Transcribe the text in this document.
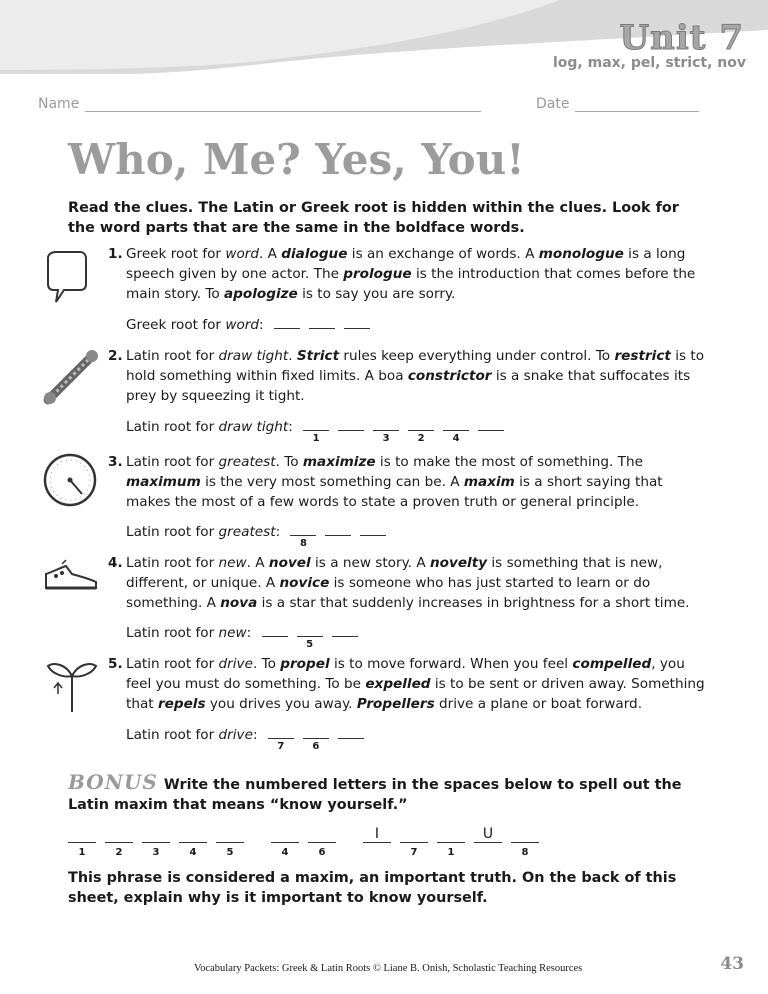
Unit 7
log, max, pel, strict, nov
Name	Date
Who, Me? Yes, You!

Read the clues. The Latin or Greek root is hidden within the clues. Look for the word parts that are the same in the boldface words.

1. Greek root for word. A dialogue is an exchange of words. A monologue is a long speech given by one actor. The prologue is the introduction that comes before the main story. To apologize is to say you are sorry.
Greek root for word:
2. Latin root for draw tight. Strict rules keep everything under control. To restrict is to hold something within fixed limits. A boa constrictor is a snake that suffocates its prey by squeezing it tight.
Latin root for draw tight:
1	3	2	4
3. Latin root for greatest. To maximize is to make the most of something. The maximum is the very most something can be. A maxim is a short saying that makes the most of a few words to state a proven truth or general principle.
Latin root for greatest:
8
4. Latin root for new. A novel is a new story. A novelty is something that is new, different, or unique. A novice is someone who has just started to learn or do something. A nova is a star that suddenly increases in brightness for a short time.
Latin root for new:
5
5. Latin root for drive. To propel is to move forward. When you feel compelled, you feel you must do something. To be expelled is to be sent or driven away. Something that repels you drives you away. Propellers drive a plane or boat forward.
Latin root for drive:
7	6
BONUS Write the numbered letters in the spaces below to spell out the Latin maxim that means “know yourself.”
1	2	3	4	5	4	6
I
7	1
U
8

This phrase is considered a maxim, an important truth. On the back of this sheet, explain why is it important to know yourself.

Vocabulary Packets: Greek & Latin Roots © Liane B. Onish, Scholastic Teaching Resources	43
